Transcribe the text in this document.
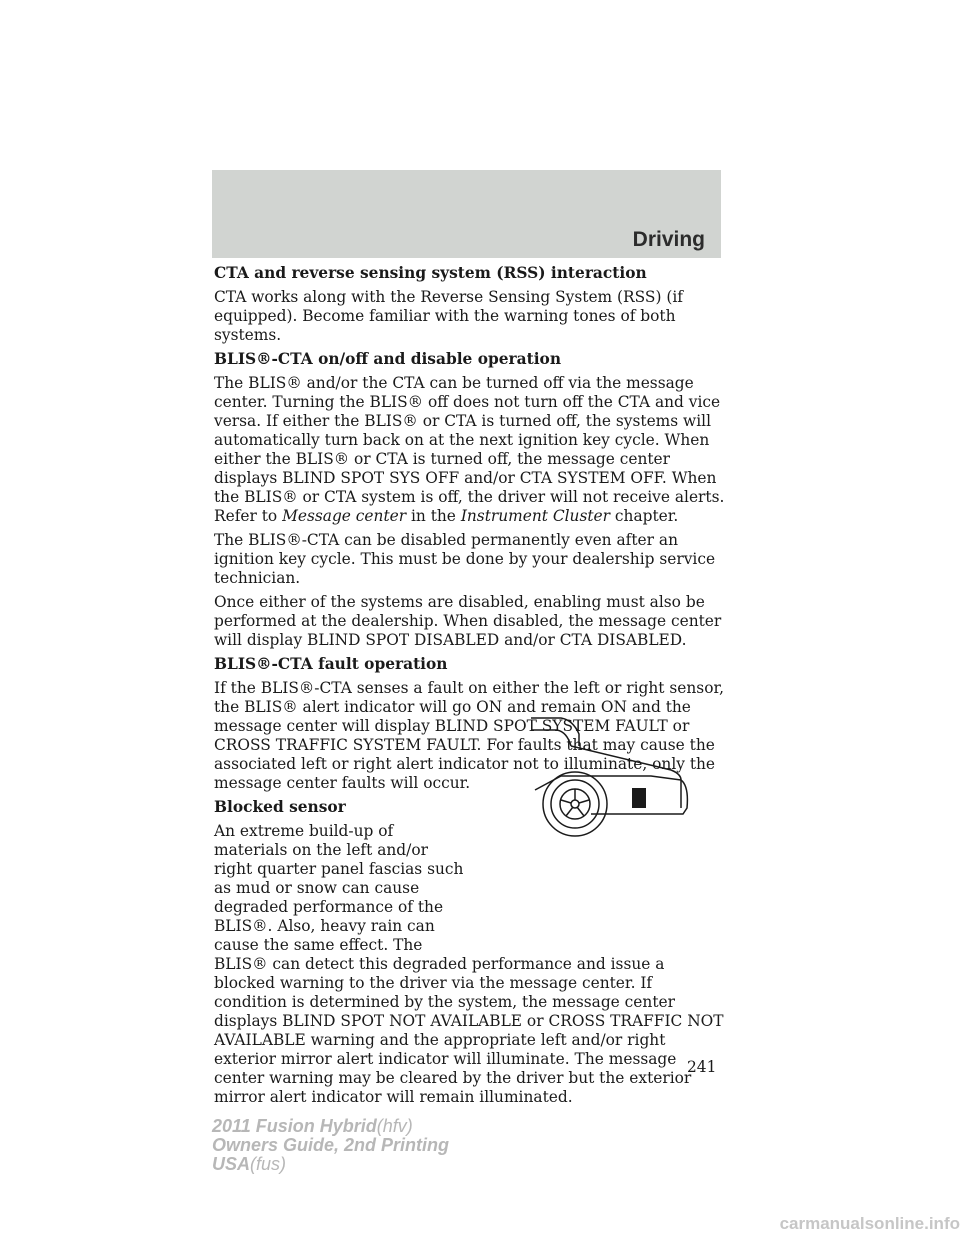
Driving

CTA and reverse sensing system (RSS) interaction

CTA works along with the Reverse Sensing System (RSS) (if equipped). Become familiar with the warning tones of both systems.

BLIS®-CTA on/off and disable operation

The BLIS® and/or the CTA can be turned off via the message center. Turning the BLIS® off does not turn off the CTA and vice versa. If either the BLIS® or CTA is turned off, the systems will automatically turn back on at the next ignition key cycle. When either the BLIS® or CTA is turned off, the message center displays BLIND SPOT SYS OFF and/or CTA SYSTEM OFF. When the BLIS® or CTA system is off, the driver will not receive alerts. Refer to Message center in the Instrument Cluster chapter.

The BLIS®-CTA can be disabled permanently even after an ignition key cycle. This must be done by your dealership service technician.

Once either of the systems are disabled, enabling must also be performed at the dealership. When disabled, the message center will display BLIND SPOT DISABLED and/or CTA DISABLED.

BLIS®-CTA fault operation

If the BLIS®-CTA senses a fault on either the left or right sensor, the BLIS® alert indicator will go ON and remain ON and the message center will display BLIND SPOT SYSTEM FAULT or CROSS TRAFFIC SYSTEM FAULT. For faults that may cause the associated left or right alert indicator not to illuminate, only the message center faults will occur.

Blocked sensor

An extreme build-up of materials on the left and/or right quarter panel fascias such as mud or snow can cause degraded performance of the BLIS®. Also, heavy rain can cause the same effect. The BLIS® can detect this degraded performance and issue a blocked warning to the driver via the message center. If condition is determined by the system, the message center displays BLIND SPOT NOT AVAILABLE or CROSS TRAFFIC NOT AVAILABLE warning and the appropriate left and/or right exterior mirror alert indicator will illuminate. The message center warning may be cleared by the driver but the exterior mirror alert indicator will remain illuminated.

241
2011 Fusion Hybrid(hfv)
Owners Guide, 2nd Printing
USA(fus)
carmanualsonline.info
